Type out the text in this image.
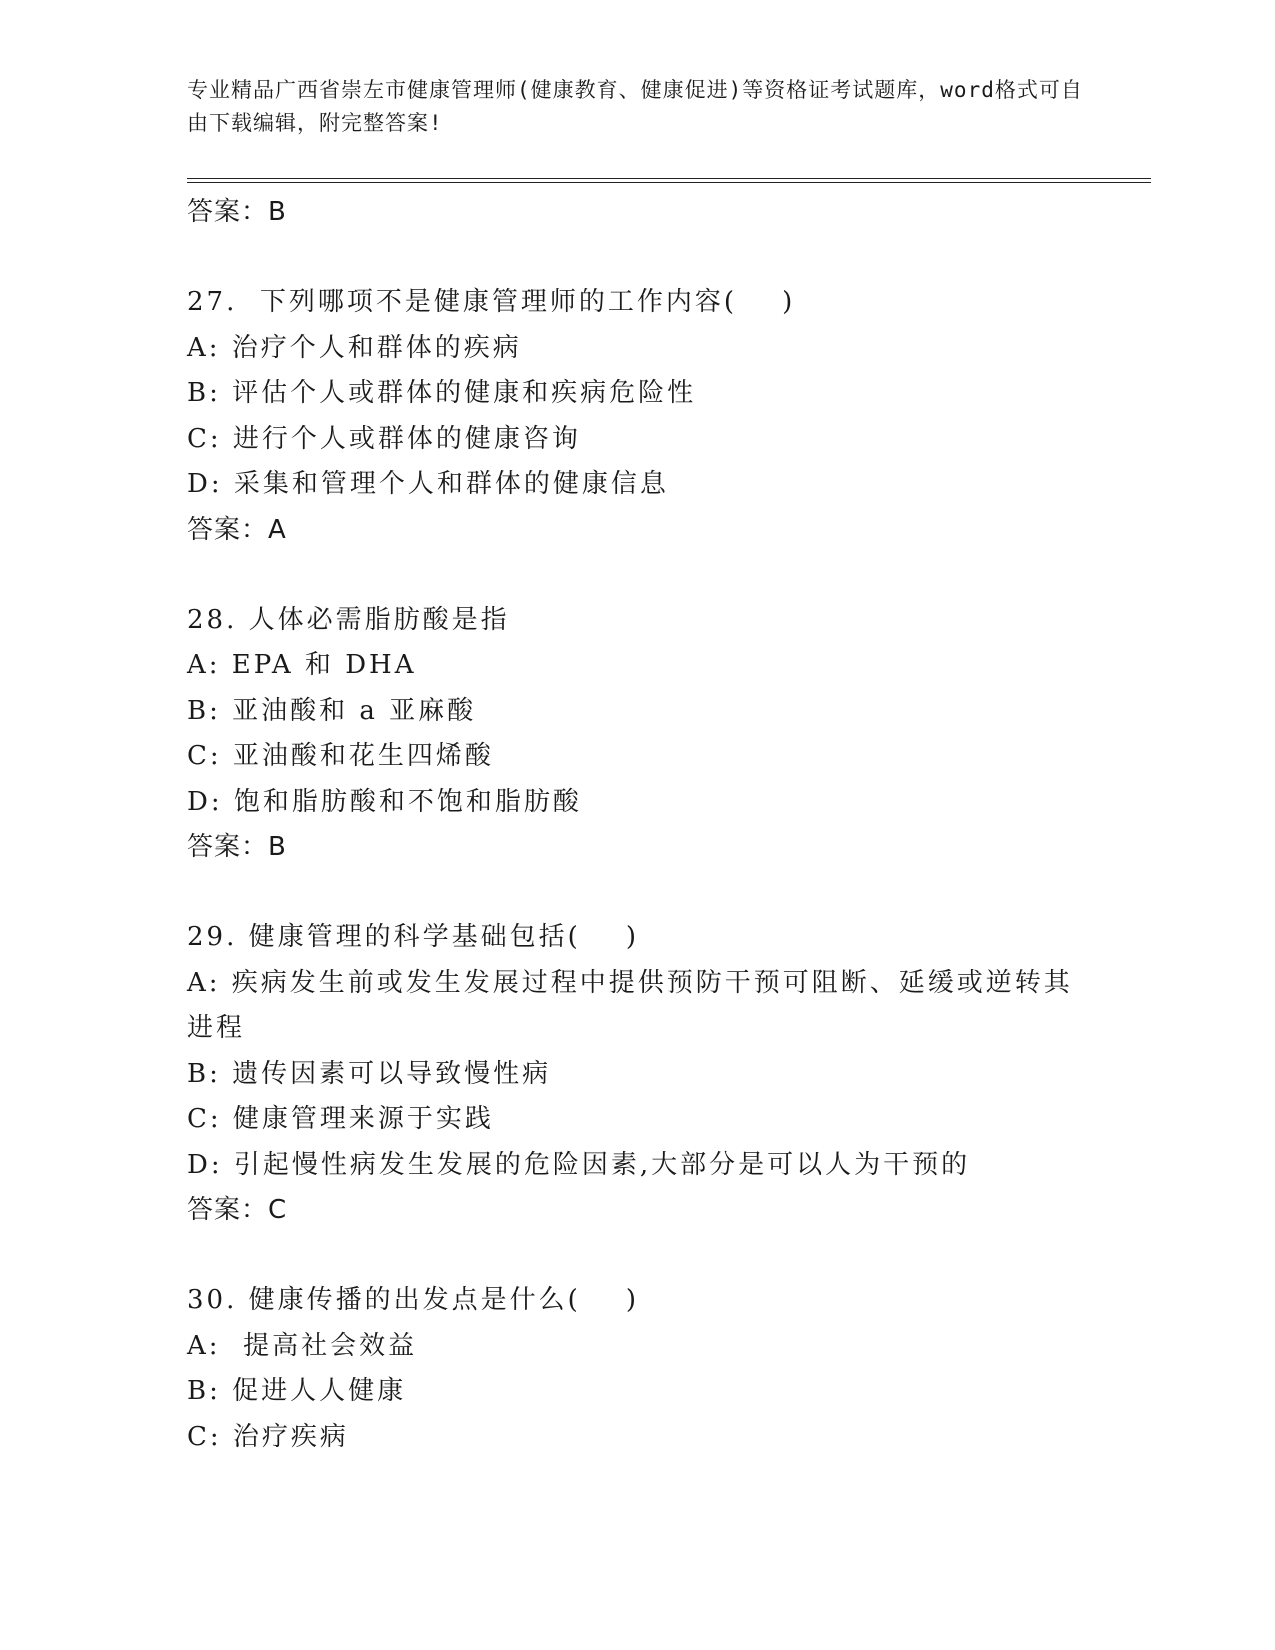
专业精品广西省崇左市健康管理师(健康教育、健康促进)等资格证考试题库，word格式可自由下载编辑，附完整答案!
答案：B
27.  下列哪项不是健康管理师的工作内容(    )
A: 治疗个人和群体的疾病
B: 评估个人或群体的健康和疾病危险性
C: 进行个人或群体的健康咨询
D: 采集和管理个人和群体的健康信息
答案：A
28. 人体必需脂肪酸是指
A: EPA 和 DHA
B: 亚油酸和 a 亚麻酸
C: 亚油酸和花生四烯酸
D: 饱和脂肪酸和不饱和脂肪酸
答案：B
29. 健康管理的科学基础包括(    )
A: 疾病发生前或发生发展过程中提供预防干预可阻断、延缓或逆转其进程
B: 遗传因素可以导致慢性病
C: 健康管理来源于实践
D: 引起慢性病发生发展的危险因素,大部分是可以人为干预的
答案：C
30. 健康传播的出发点是什么(    )
A:  提高社会效益
B: 促进人人健康
C: 治疗疾病
